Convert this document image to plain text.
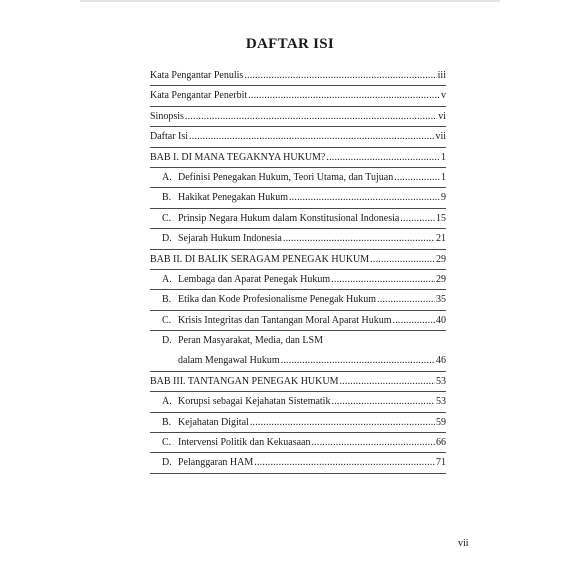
DAFTAR ISI
Kata Pengantar Penulis .....	iii
Kata Pengantar Penerbit .....	v
Sinopsis .....	vi
Daftar Isi .....	vii
BAB I. DI MANA TEGAKNYA HUKUM? .....	1
A. Definisi Penegakan Hukum, Teori Utama, dan Tujuan .....	1
B. Hakikat Penegakan Hukum .....	9
C. Prinsip Negara Hukum dalam Konstitusional Indonesia .....	15
D. Sejarah Hukum Indonesia .....	21
BAB II. DI BALIK SERAGAM PENEGAK HUKUM .....	29
A. Lembaga dan Aparat Penegak Hukum .....	29
B. Etika dan Kode Profesionalisme Penegak Hukum .....	35
C. Krisis Integritas dan Tantangan Moral Aparat Hukum .....	40
D. Peran Masyarakat, Media, dan LSM
dalam Mengawal Hukum .....	46
BAB III. TANTANGAN PENEGAK HUKUM .....	53
A. Korupsi sebagai Kejahatan Sistematik .....	53
B. Kejahatan Digital .....	59
C. Intervensi Politik dan Kekuasaan .....	66
D. Pelanggaran HAM .....	71
vii
